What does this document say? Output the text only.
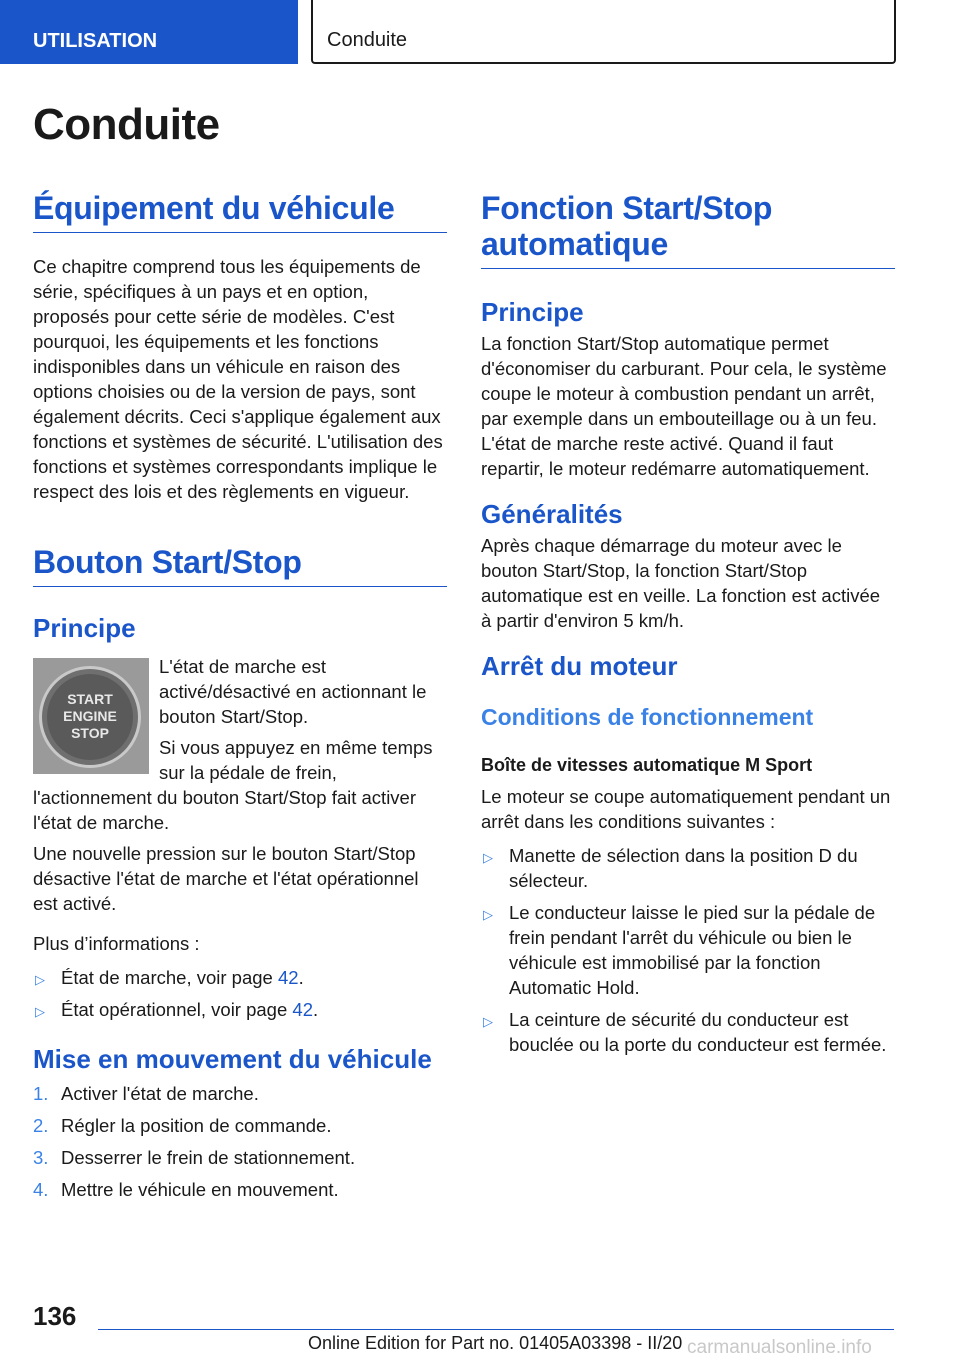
UTILISATION	Conduite
Conduite
Équipement du véhicule

Ce chapitre comprend tous les équipements de série, spécifiques à un pays et en option, proposés pour cette série de modèles. C'est pourquoi, les équipements et les fonctions indisponibles dans un véhicule en raison des options choisies ou de la version de pays, sont également décrits. Ceci s'applique également aux fonctions et systèmes de sécurité. L'utilisation des fonctions et systèmes correspondants implique le respect des lois et des règlements en vigueur.

Bouton Start/Stop
Principe
START
ENGINE
STOP

L'état de marche est activé/désactivé en actionnant le bouton Start/Stop.

Si vous appuyez en même temps sur la pédale de frein, l'actionnement du bouton Start/Stop fait activer l'état de marche.

Une nouvelle pression sur le bouton Start/Stop désactive l'état de marche et l'état opérationnel est activé.

Plus d’informations :

▷ État de marche, voir page 42.
▷ État opérationnel, voir page 42.
Mise en mouvement du véhicule
1. Activer l'état de marche.
2. Régler la position de commande.
3. Desserrer le frein de stationnement.
4. Mettre le véhicule en mouvement.
Fonction Start/Stop automatique
Principe

La fonction Start/Stop automatique permet d'économiser du carburant. Pour cela, le système coupe le moteur à combustion pendant un arrêt, par exemple dans un embouteillage ou à un feu. L'état de marche reste activé. Quand il faut repartir, le moteur redémarre automatiquement.

Généralités

Après chaque démarrage du moteur avec le bouton Start/Stop, la fonction Start/Stop automatique est en veille. La fonction est activée à partir d'environ 5 km/h.

Arrêt du moteur
Conditions de fonctionnement
Boîte de vitesses automatique M Sport

Le moteur se coupe automatiquement pendant un arrêt dans les conditions suivantes :

▷ Manette de sélection dans la position D du sélecteur.
▷ Le conducteur laisse le pied sur la pédale de frein pendant l'arrêt du véhicule ou bien le véhicule est immobilisé par la fonction Automatic Hold.
▷ La ceinture de sécurité du conducteur est bouclée ou la porte du conducteur est fermée.
136
Online Edition for Part no. 01405A03398 - II/20 carmanualsonline.info
